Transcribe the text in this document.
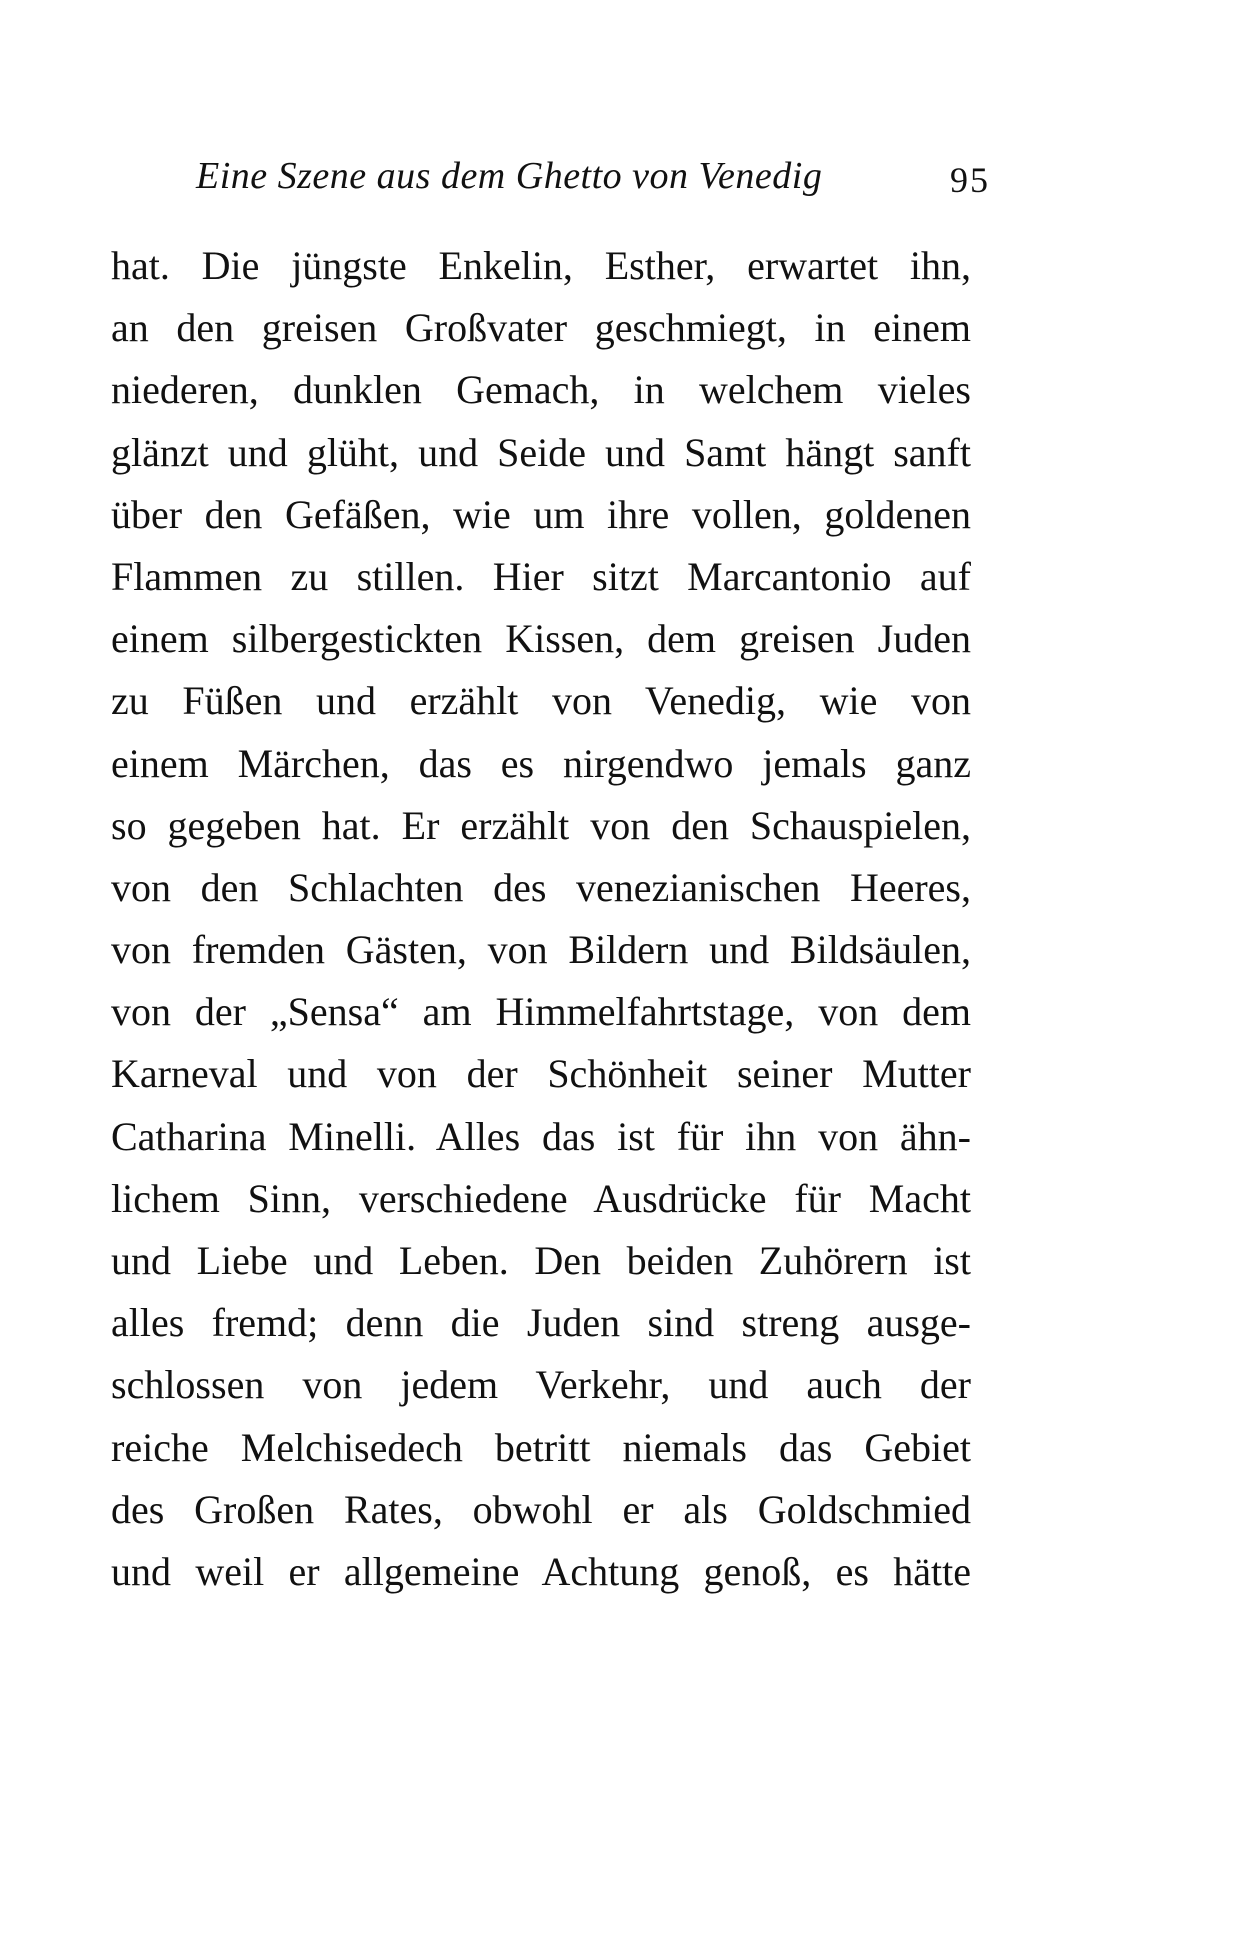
Eine Szene aus dem Ghetto von Venedig	95
hat. Die jüngste Enkelin, Esther, erwartet ihn,
an den greisen Großvater geschmiegt, in einem
niederen, dunklen Gemach, in welchem vieles
glänzt und glüht, und Seide und Samt hängt sanft
über den Gefäßen, wie um ihre vollen, goldenen
Flammen zu stillen. Hier sitzt Marcantonio auf
einem silbergestickten Kissen, dem greisen Juden
zu Füßen und erzählt von Venedig, wie von
einem Märchen, das es nirgendwo jemals ganz
so gegeben hat. Er erzählt von den Schauspielen,
von den Schlachten des venezianischen Heeres,
von fremden Gästen, von Bildern und Bildsäulen,
von der „Sensa“ am Himmelfahrtstage, von dem
Karneval und von der Schönheit seiner Mutter
Catharina Minelli. Alles das ist für ihn von ähn-
lichem Sinn, verschiedene Ausdrücke für Macht
und Liebe und Leben. Den beiden Zuhörern ist
alles fremd; denn die Juden sind streng ausge-
schlossen von jedem Verkehr, und auch der
reiche Melchisedech betritt niemals das Gebiet
des Großen Rates, obwohl er als Goldschmied
und weil er allgemeine Achtung genoß, es hätte
